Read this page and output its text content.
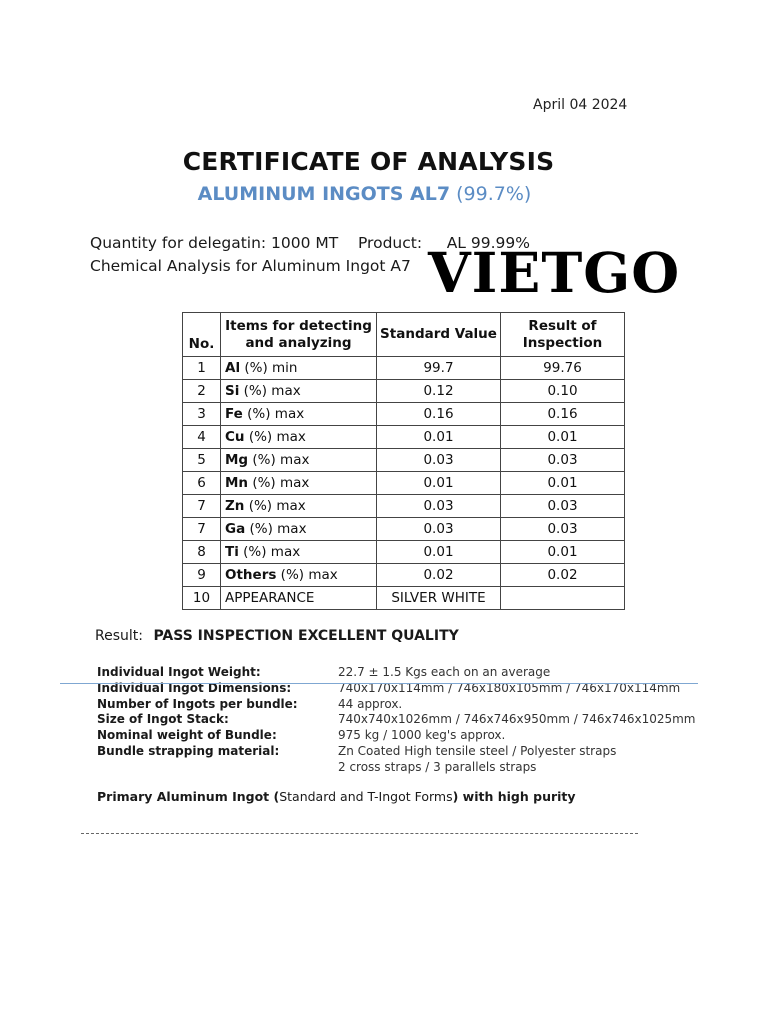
April 04 2024
CERTIFICATE OF ANALYSIS
ALUMINUM INGOTS AL7 (99.7%)
Quantity for delegatin: 1000 MT    Product:     AL 99.99%
Chemical Analysis for Aluminum Ingot A7 VIETGO
No.	Items for detecting and analyzing	Standard Value	Result of Inspection
1	Al (%) min	99.7	99.76
2	Si (%) max	0.12	0.10
3	Fe (%) max	0.16	0.16
4	Cu (%) max	0.01	0.01
5	Mg (%) max	0.03	0.03
6	Mn (%) max	0.01	0.01
7	Zn (%) max	0.03	0.03
7	Ga (%) max	0.03	0.03
8	Ti (%) max	0.01	0.01
9	Others (%) max	0.02	0.02
10	APPEARANCE	SILVER WHITE	
Result: PASS INSPECTION EXCELLENT QUALITY
Individual Ingot Weight:	22.7 ± 1.5 Kgs each on an average
Individual Ingot Dimensions:	740x170x114mm / 746x180x105mm / 746x170x114mm
Number of Ingots per bundle:	44 approx.
Size of Ingot Stack:	740x740x1026mm / 746x746x950mm / 746x746x1025mm
Nominal weight of Bundle:	975 kg / 1000 keg's approx.
Bundle strapping material:	Zn Coated High tensile steel / Polyester straps
2 cross straps / 3 parallels straps
Primary Aluminum Ingot (Standard and T-Ingot Forms) with high purity
